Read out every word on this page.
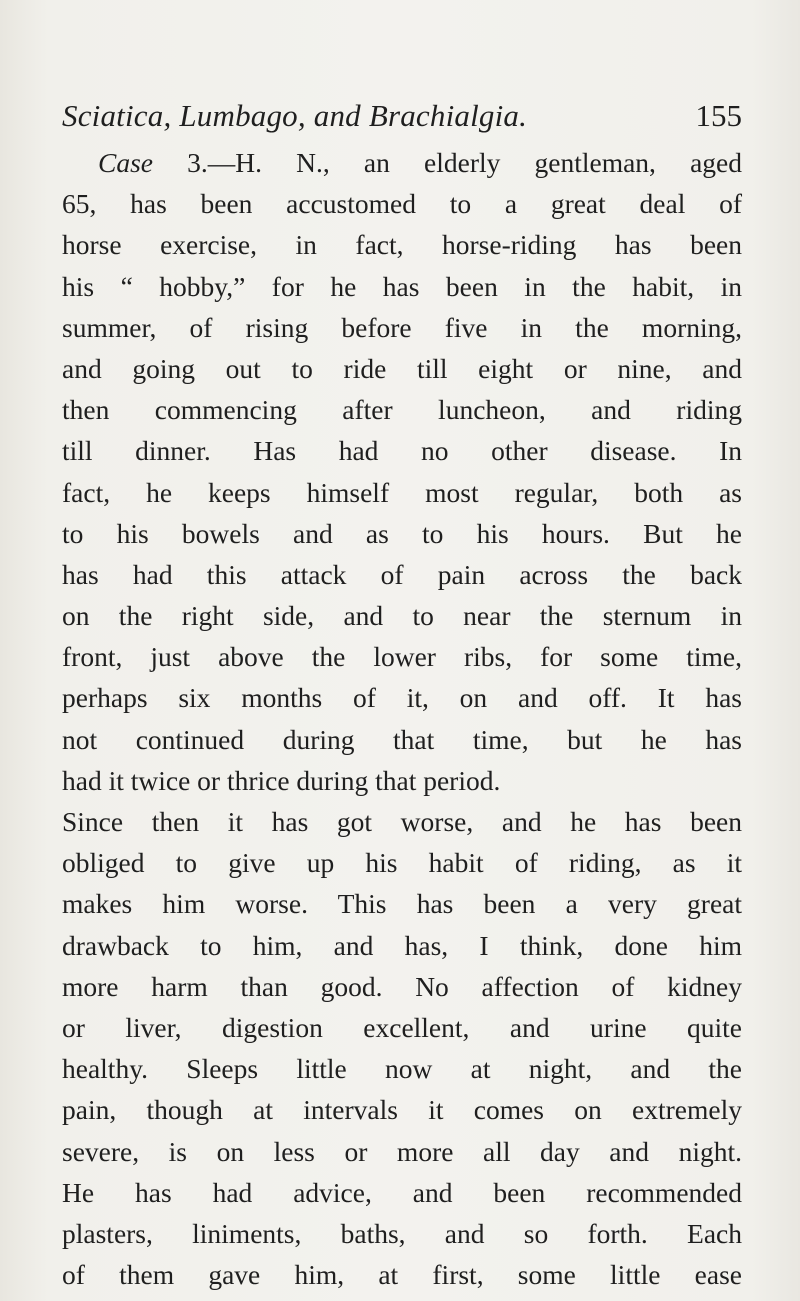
Sciatica, Lumbago, and Brachialgia.	155
Case 3.—H. N., an elderly gentleman, aged
65, has been accustomed to a great deal of
horse exercise, in fact, horse-riding has been
his “ hobby,” for he has been in the habit, in
summer, of rising before five in the morning,
and going out to ride till eight or nine, and
then commencing after luncheon, and riding
till dinner. Has had no other disease. In
fact, he keeps himself most regular, both as
to his bowels and as to his hours. But he
has had this attack of pain across the back
on the right side, and to near the sternum in
front, just above the lower ribs, for some time,
perhaps six months of it, on and off. It has
not continued during that time, but he has
had it twice or thrice during that period.
Since then it has got worse, and he has been
obliged to give up his habit of riding, as it
makes him worse. This has been a very great
drawback to him, and has, I think, done him
more harm than good. No affection of kidney
or liver, digestion excellent, and urine quite
healthy. Sleeps little now at night, and the
pain, though at intervals it comes on extremely
severe, is on less or more all day and night.
He has had advice, and been recommended
plasters, liniments, baths, and so forth. Each
of them gave him, at first, some little ease
